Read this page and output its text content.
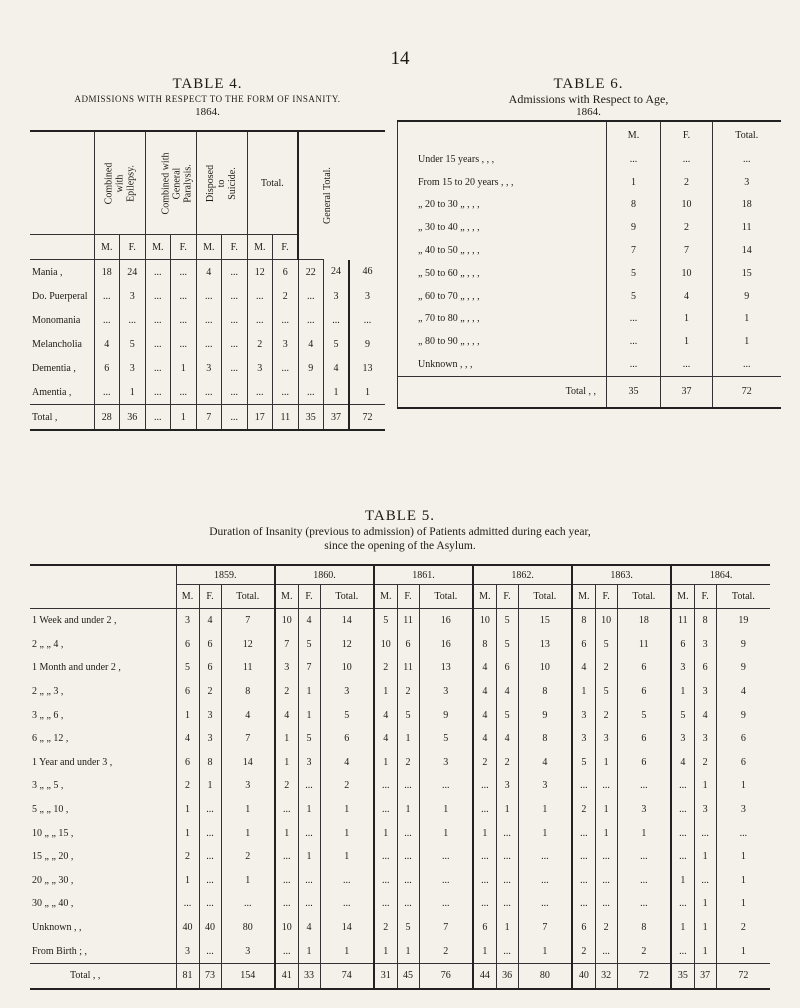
14
TABLE 4.
ADMISSIONS WITH RESPECT TO THE FORM OF INSANITY.
1864.
	Combined
with
Epilepsy.		Combined with
General
Paralysis.		Disposed
to
Suicide.		Total.		General Total.		
	M.	F.	M.	F.	M.	F.	M.	F.			
Mania ,	18	24	...	...	4	...	12	6	22	24	46
Do. Puerperal	...	3	...	...	...	...	...	2	...	3	3
Monomania	...	...	...	...	...	...	...	...	...	...	...
Melancholia	4	5	...	...	...	...	2	3	4	5	9
Dementia ,	6	3	...	1	3	...	3	...	9	4	13
Amentia ,	...	1	...	...	...	...	...	...	...	1	1
Total ,	28	36	...	1	7	...	17	11	35	37	72
TABLE 6.
Admissions with Respect to Age,
1864.
	M.	F.	Total.
Under 15 years , , ,	...	...	...
From 15 to 20 years , , ,	1	2	3
„ 20 to 30 „ , , ,	8	10	18
„ 30 to 40 „ , , ,	9	2	11
„ 40 to 50 „ , , ,	7	7	14
„ 50 to 60 „ , , ,	5	10	15
„ 60 to 70 „ , , ,	5	4	9
„ 70 to 80 „ , , ,	...	1	1
„ 80 to 90 „ , , ,	...	1	1
Unknown , , ,	...	...	...
Total , ,	35	37	72
TABLE 5.
Duration of Insanity (previous to admission) of Patients admitted during each year,
since the opening of the Asylum.
	1859.			1860.			1861.			1862.			1863.			1864.		
	M.	F.	Total.	M.	F.	Total.	M.	F.	Total.	M.	F.	Total.	M.	F.	Total.	M.	F.	Total.
1 Week and under 2 ,	3	4	7	10	4	14	5	11	16	10	5	15	8	10	18	11	8	19
2 „ „ 4 ,	6	6	12	7	5	12	10	6	16	8	5	13	6	5	11	6	3	9
1 Month and under 2 ,	5	6	11	3	7	10	2	11	13	4	6	10	4	2	6	3	6	9
2 „ „ 3 ,	6	2	8	2	1	3	1	2	3	4	4	8	1	5	6	1	3	4
3 „ „ 6 ,	1	3	4	4	1	5	4	5	9	4	5	9	3	2	5	5	4	9
6 „ „ 12 ,	4	3	7	1	5	6	4	1	5	4	4	8	3	3	6	3	3	6
1 Year and under 3 ,	6	8	14	1	3	4	1	2	3	2	2	4	5	1	6	4	2	6
3 „ „ 5 ,	2	1	3	2	...	2	...	...	...	...	3	3	...	...	...	...	1	1
5 „ „ 10 ,	1	...	1	...	1	1	...	1	1	...	1	1	2	1	3	...	3	3
10 „ „ 15 ,	1	...	1	1	...	1	1	...	1	1	...	1	...	1	1	...	...	...
15 „ „ 20 ,	2	...	2	...	1	1	...	...	...	...	...	...	...	...	...	...	1	1
20 „ „ 30 ,	1	...	1	...	...	...	...	...	...	...	...	...	...	...	...	1	...	1
30 „ „ 40 ,	...	...	...	...	...	...	...	...	...	...	...	...	...	...	...	...	1	1
Unknown , ,	40	40	80	10	4	14	2	5	7	6	1	7	6	2	8	1	1	2
From Birth ; ,	3	...	3	...	1	1	1	1	2	1	...	1	2	...	2	...	1	1
Total , ,	81	73	154	41	33	74	31	45	76	44	36	80	40	32	72	35	37	72
